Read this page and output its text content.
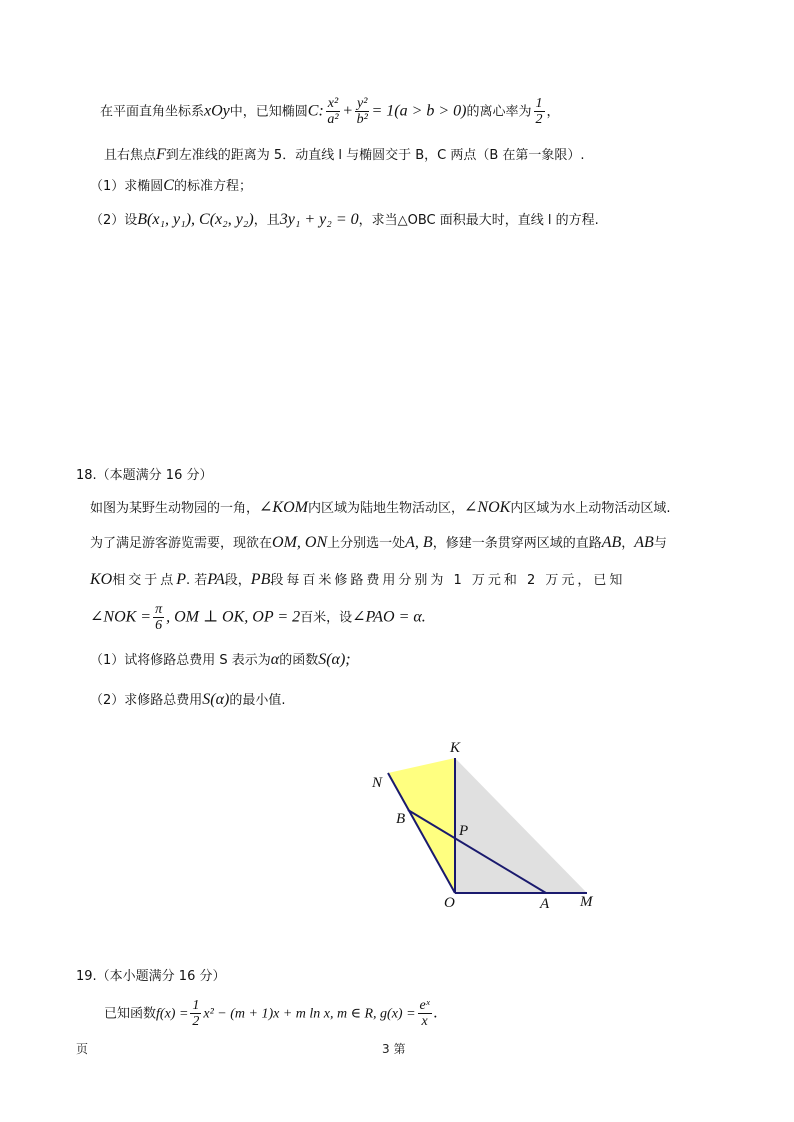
在平面直角坐标系xOy中，已知椭圆C: $\frac{\text{x²}}{\text{a²}} + \frac{\text{y²}}{\text{b²}} = 1(a > b > 0)$的离心率为 $\frac{1}{2}$ ，
且右焦点F到左准线的距离为 5．动直线 l 与椭圆交于 B，C 两点（B 在第一象限）.
（1）求椭圆C的标准方程；
（2）设B(x₁, y₁), C(x₂, y₂)，且3y₁ + y₂ = 0，求当△OBC 面积最大时，直线 l 的方程.
18.（本题满分 16 分）
如图为某野生动物园的一角，∠KOM内区域为陆地生物活动区，∠NOK内区域为水上动物活动区域.
为了满足游客游览需要，现欲在OM, ON上分别选一处A, B，修建一条贯穿两区域的直路AB，AB与
KO相交于点P. 若PA段，PB段每百米修路费用分别为 1 万元和 2 万元，已知
∠NOK = $\frac{\pi}{6}$ , OM ⊥ OK, OP = 2百米，设∠PAO = α.
（1）试将修路总费用 S 表示为α的函数S(α);
（2）求修路总费用S(α)的最小值.
K
N
B
P
O	A M
19.（本小题满分 16 分）
已知函数$f(x) = \frac{1}{2} x^2 - (m + 1)x + m$ ln x, m ∈ R, $g(x) = \frac{\text{eˣ}}{x}$ .
页	3 第
